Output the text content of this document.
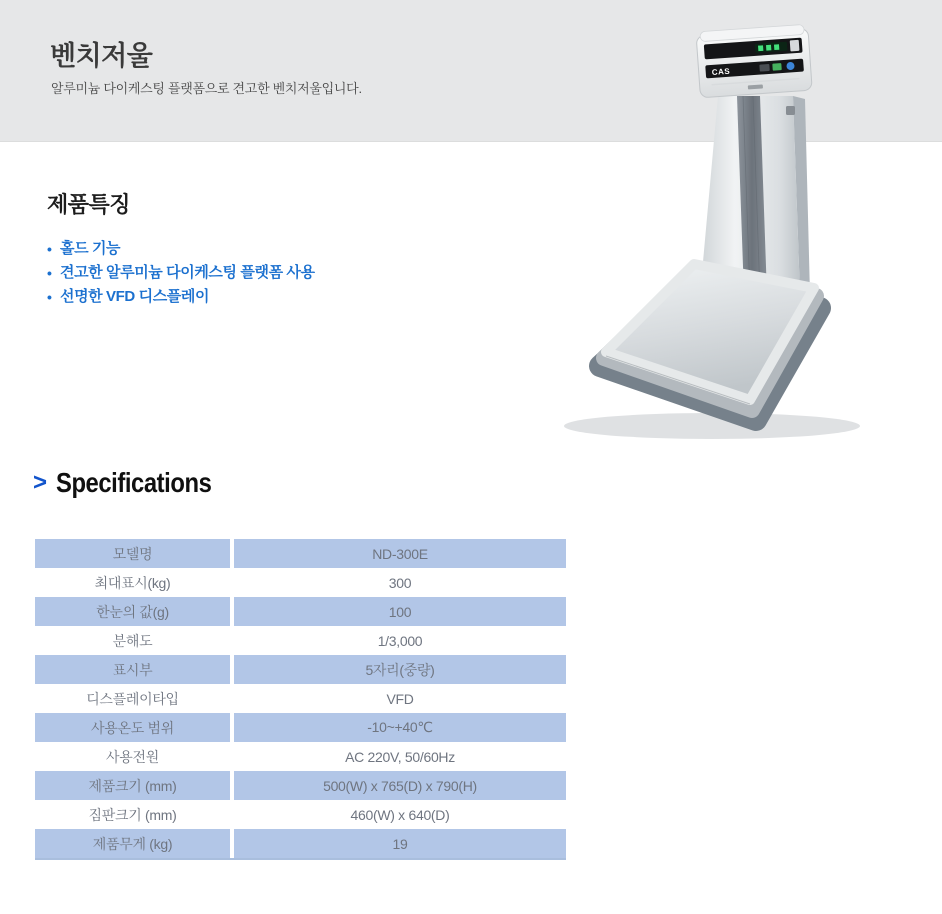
벤치저울

알루미늄 다이케스팅 플랫폼으로 견고한 벤치저울입니다.

CAS
제품특징
• 홀드 기능
• 견고한 알루미늄 다이케스팅 플랫폼 사용
• 선명한 VFD 디스플레이
> Specifications
모델명	ND-300E
최대표시(kg)	300
한눈의 값(g)	100
분해도	1/3,000
표시부	5자리(중량)
디스플레이타입	VFD
사용온도 범위	-10~+40℃
사용전원	AC 220V, 50/60Hz
제품크기 (mm)	500(W) x 765(D) x 790(H)
짐판크기 (mm)	460(W) x 640(D)
제품무게 (kg)	19
